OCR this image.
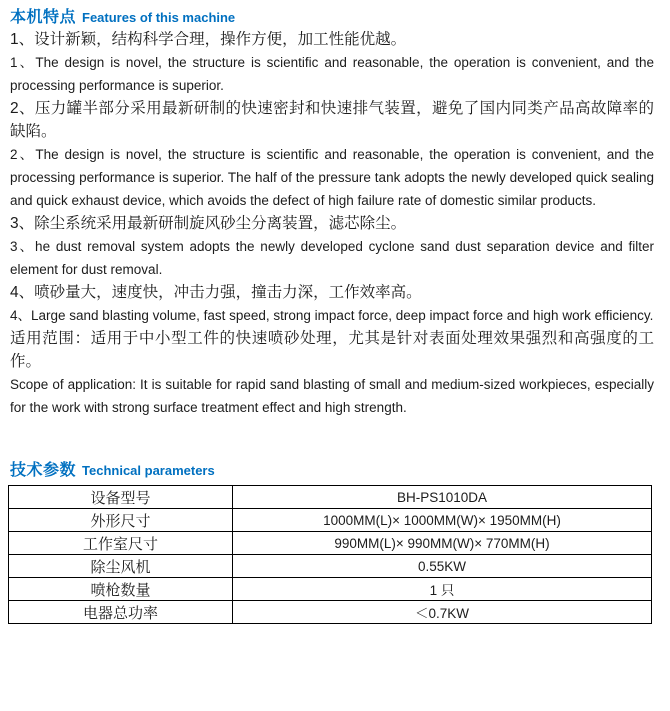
本机特点 Features of this machine

1、设计新颖，结构科学合理，操作方便，加工性能优越。

1、The design is novel, the structure is scientific and reasonable, the operation is convenient, and the processing performance is superior.

2、压力罐半部分采用最新研制的快速密封和快速排气装置，避免了国内同类产品高故障率的缺陷。

2、The design is novel, the structure is scientific and reasonable, the operation is convenient, and the processing performance is superior. The half of the pressure tank adopts the newly developed quick sealing and quick exhaust device, which avoids the defect of high failure rate of domestic similar products.

3、除尘系统采用最新研制旋风砂尘分离装置，滤芯除尘。

3、he dust removal system adopts the newly developed cyclone sand dust separation device and filter element for dust removal.

4、喷砂量大，速度快，冲击力强，撞击力深，工作效率高。

4、Large sand blasting volume, fast speed, strong impact force, deep impact force and high work efficiency.

适用范围：适用于中小型工件的快速喷砂处理，尤其是针对表面处理效果强烈和高强度的工作。

Scope of application: It is suitable for rapid sand blasting of small and medium-sized workpieces, especially for the work with strong surface treatment effect and high strength.

技术参数 Technical parameters
设备型号	BH-PS1010DA
外形尺寸	1000MM(L)× 1000MM(W)× 1950MM(H)
工作室尺寸	990MM(L)× 990MM(W)× 770MM(H)
除尘风机	0.55KW
喷枪数量	1 只
电器总功率	＜0.7KW
